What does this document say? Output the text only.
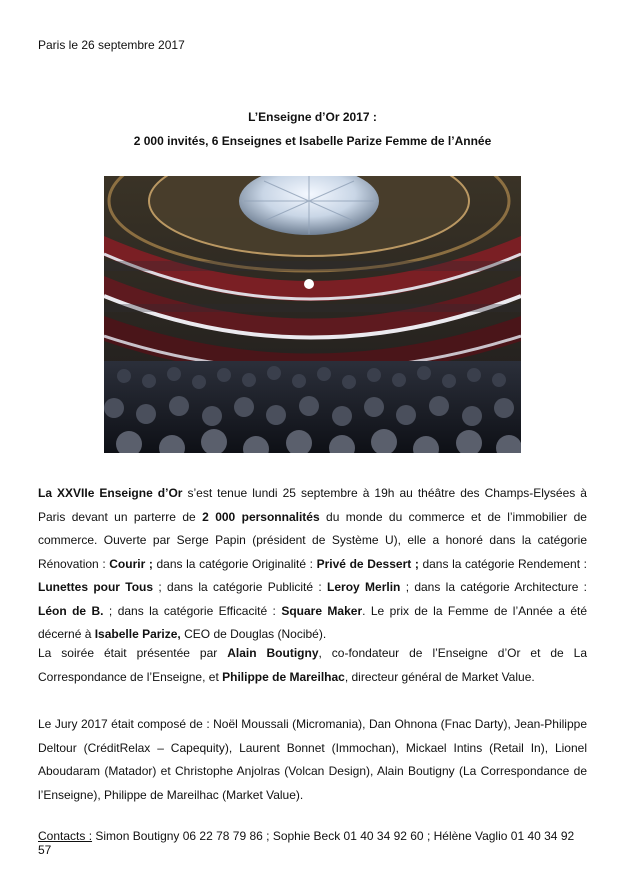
Paris le 26 septembre 2017
L’Enseigne d’Or 2017 :
2 000 invités, 6 Enseignes et Isabelle Parize Femme de l’Année

La XXVIIe Enseigne d’Or s’est tenue lundi 25 septembre à 19h au théâtre des Champs-Elysées à Paris devant un parterre de 2 000 personnalités du monde du commerce et de l’immobilier de commerce. Ouverte par Serge Papin (président de Système U), elle a honoré dans la catégorie Rénovation : Courir ; dans la catégorie Originalité : Privé de Dessert ; dans la catégorie Rendement : Lunettes pour Tous ; dans la catégorie Publicité : Leroy Merlin ; dans la catégorie Architecture : Léon de B. ; dans la catégorie Efficacité : Square Maker. Le prix de la Femme de l’Année a été décerné à Isabelle Parize, CEO de Douglas (Nocibé).

La soirée était présentée par Alain Boutigny, co-fondateur de l’Enseigne d’Or et de La Correspondance de l’Enseigne, et Philippe de Mareilhac, directeur général de Market Value.

Le Jury 2017 était composé de : Noël Moussali (Micromania), Dan Ohnona (Fnac Darty), Jean-Philippe Deltour (CréditRelax – Capequity), Laurent Bonnet (Immochan), Mickael Intins (Retail In), Lionel Aboudaram (Matador) et Christophe Anjolras (Volcan Design), Alain Boutigny (La Correspondance de l’Enseigne), Philippe de Mareilhac (Market Value).

Contacts : Simon Boutigny 06 22 78 79 86 ; Sophie Beck 01 40 34 92 60 ; Hélène Vaglio 01 40 34 92 57
